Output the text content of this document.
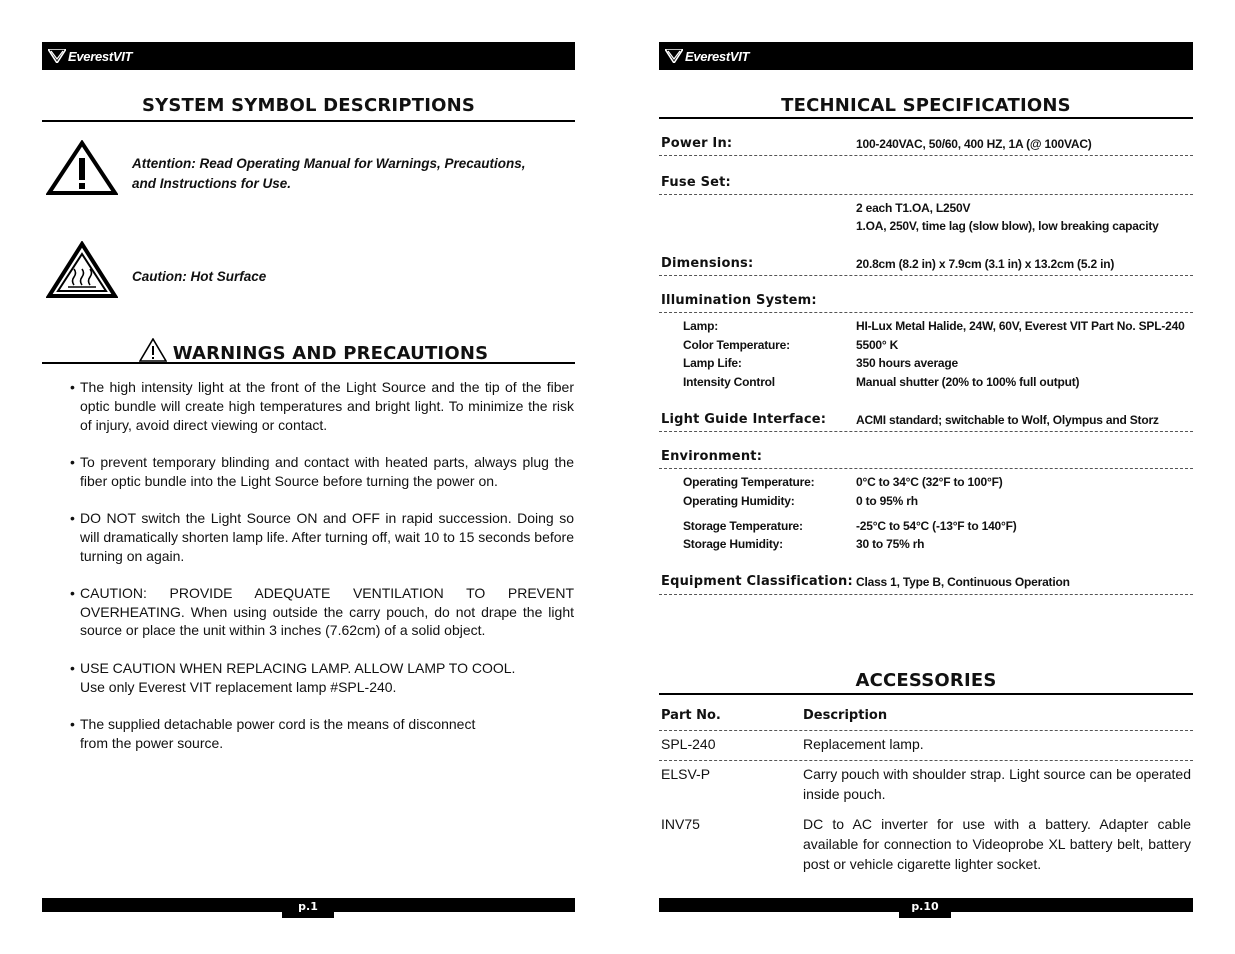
EverestVIT
SYSTEM SYMBOL DESCRIPTIONS
Attention: Read Operating Manual for Warnings, Precautions,
and Instructions for Use.
Caution: Hot Surface
WARNINGS AND PRECAUTIONS
• The high intensity light at the front of the Light Source and the tip of the fiber optic bundle will create high temperatures and bright light. To minimize the risk of injury, avoid direct viewing or contact.
• To prevent temporary blinding and contact with heated parts, always plug the fiber optic bundle into the Light Source before turning the power on.
• DO NOT switch the Light Source ON and OFF in rapid succession. Doing so will dramatically shorten lamp life. After turning off, wait 10 to 15 seconds before turning on again.
• CAUTION: PROVIDE ADEQUATE VENTILATION TO PREVENT OVERHEATING. When using outside the carry pouch, do not drape the light source or place the unit within 3 inches (7.62cm) of a solid object.
• USE CAUTION WHEN REPLACING LAMP. ALLOW LAMP TO COOL.
Use only Everest VIT replacement lamp #SPL-240.
• The supplied detachable power cord is the means of disconnect
from the power source.
p.1
EverestVIT
TECHNICAL SPECIFICATIONS
Power In:	100-240VAC, 50/60, 400 HZ, 1A (@ 100VAC)
Fuse Set:
2 each T1.OA, L250V
1.OA, 250V, time lag (slow blow), low breaking capacity
Dimensions:	20.8cm (8.2 in) x 7.9cm (3.1 in) x 13.2cm (5.2 in)
Illumination System:
Lamp:	HI-Lux Metal Halide, 24W, 60V, Everest VIT Part No. SPL-240
Color Temperature:	5500° K
Lamp Life:	350 hours average
Intensity Control	Manual shutter (20% to 100% full output)
Light Guide Interface: ACMI standard; switchable to Wolf, Olympus and Storz
Environment:
Operating Temperature:	0°C to 34°C (32°F to 100°F)
Operating Humidity:	0 to 95% rh
Storage Temperature:	-25°C to 54°C (-13°F to 140°F)
Storage Humidity:	30 to 75% rh
Equipment Classification: Class 1, Type B, Continuous Operation
ACCESSORIES
Part No.	Description
SPL-240	Replacement lamp.
ELSV-P	Carry pouch with shoulder strap. Light source can be operated inside pouch.
INV75	DC to AC inverter for use with a battery. Adapter cable available for connection to Videoprobe XL battery belt, battery post or vehicle cigarette lighter socket.
p.10
